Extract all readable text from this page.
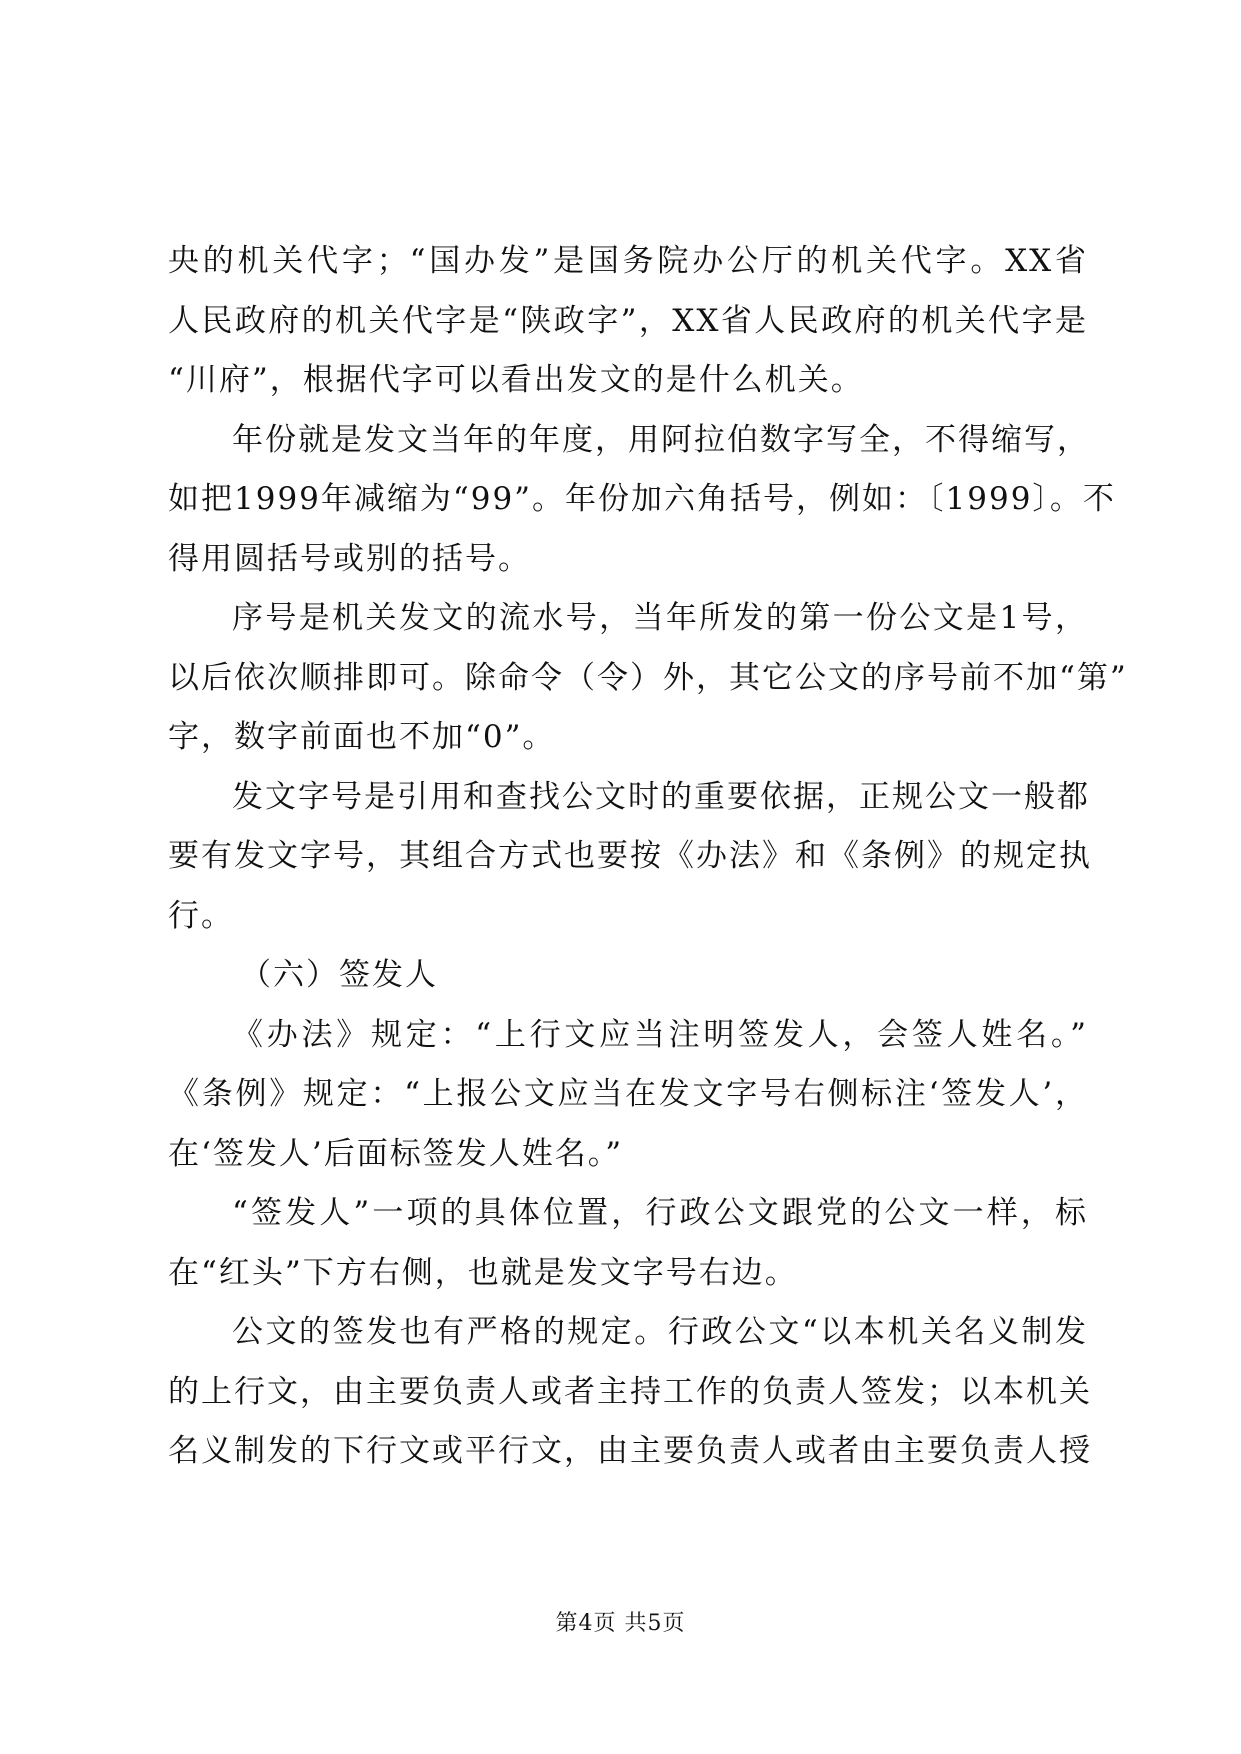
央的机关代字；“国办发”是国务院办公厅的机关代字。XX省
人民政府的机关代字是“陕政字”，XX省人民政府的机关代字是
“川府”，根据代字可以看出发文的是什么机关。
年份就是发文当年的年度，用阿拉伯数字写全，不得缩写，
如把1999年减缩为“99”。年份加六角括号，例如：〔1999〕。不
得用圆括号或别的括号。
序号是机关发文的流水号，当年所发的第一份公文是1号，
以后依次顺排即可。除命令（令）外，其它公文的序号前不加“第”
字，数字前面也不加“0”。
发文字号是引用和查找公文时的重要依据，正规公文一般都
要有发文字号，其组合方式也要按《办法》和《条例》的规定执
行。
（六）签发人
《办法》规定：“上行文应当注明签发人，会签人姓名。”
《条例》规定：“上报公文应当在发文字号右侧标注‘签发人’，
在‘签发人’后面标签发人姓名。”
“签发人”一项的具体位置，行政公文跟党的公文一样，标
在“红头”下方右侧，也就是发文字号右边。
公文的签发也有严格的规定。行政公文“以本机关名义制发
的上行文，由主要负责人或者主持工作的负责人签发；以本机关
名义制发的下行文或平行文，由主要负责人或者由主要负责人授
第4页 共5页
